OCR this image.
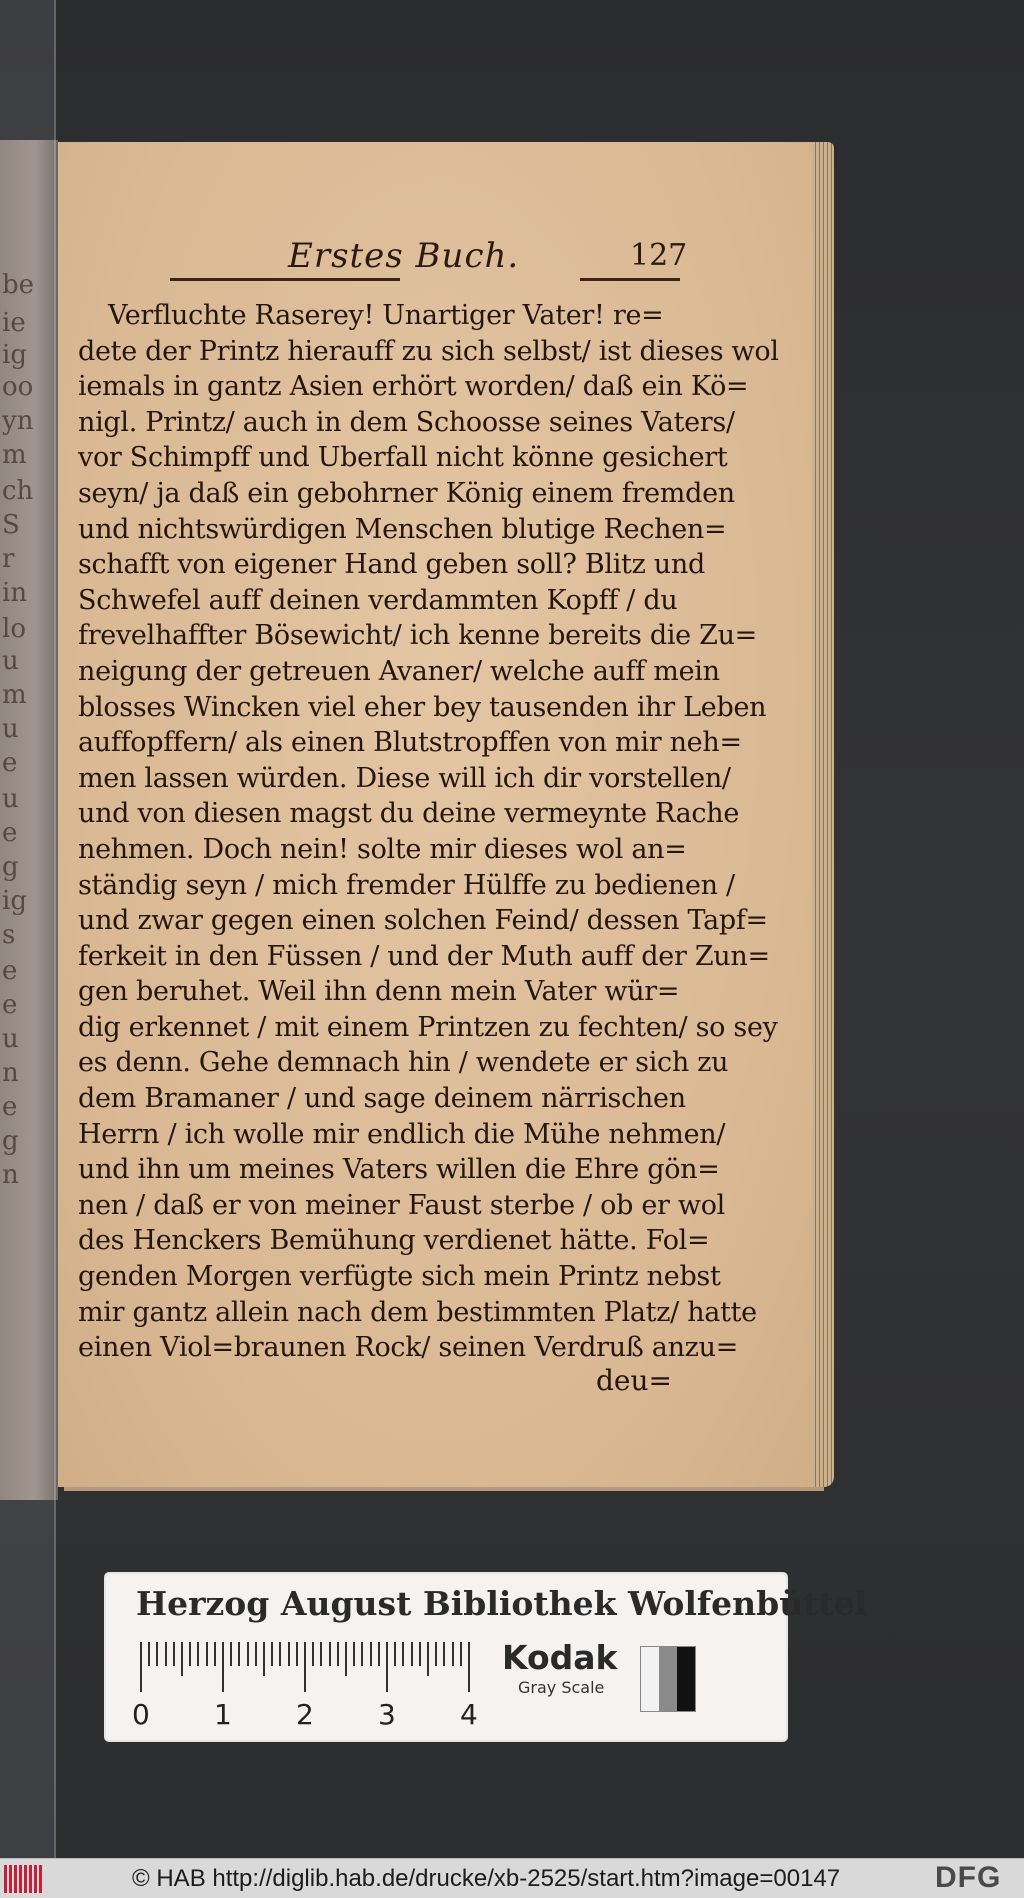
be
ie
ig
oo
yn
m
ch
S
r
in
lo
u
m
u
e
u
e
g
ig
s
e
e
u
n
e
g
n
Erstes Buch.	127
Verfluchte Raserey! Unartiger Vater! re=
dete der Printz hierauff zu sich selbst/ ist dieses wol
iemals in gantz Asien erhört worden/ daß ein Kö=
nigl. Printz/ auch in dem Schoosse seines Vaters/
vor Schimpff und Uberfall nicht könne gesichert
seyn/ ja daß ein gebohrner König einem fremden
und nichtswürdigen Menschen blutige Rechen=
schafft von eigener Hand geben soll? Blitz und
Schwefel auff deinen verdammten Kopff / du
frevelhaffter Bösewicht/ ich kenne bereits die Zu=
neigung der getreuen Avaner/ welche auff mein
blosses Wincken viel eher bey tausenden ihr Leben
auffopffern/ als einen Blutstropffen von mir neh=
men lassen würden. Diese will ich dir vorstellen/
und von diesen magst du deine vermeynte Rache
nehmen. Doch nein! solte mir dieses wol an=
ständig seyn / mich fremder Hülffe zu bedienen /
und zwar gegen einen solchen Feind/ dessen Tapf=
ferkeit in den Füssen / und der Muth auff der Zun=
gen beruhet. Weil ihn denn mein Vater wür=
dig erkennet / mit einem Printzen zu fechten/ so sey
es denn. Gehe demnach hin / wendete er sich zu
dem Bramaner / und sage deinem närrischen
Herrn / ich wolle mir endlich die Mühe nehmen/
und ihn um meines Vaters willen die Ehre gön=
nen / daß er von meiner Faust sterbe / ob er wol
des Henckers Bemühung verdienet hätte. Fol=
genden Morgen verfügte sich mein Printz nebst
mir gantz allein nach dem bestimmten Platz/ hatte
einen Viol=braunen Rock/ seinen Verdruß anzu=
deu=
Herzog August Bibliothek Wolfenbüttel
0 1 2 3 4
Kodak
Gray Scale
© HAB http://diglib.hab.de/drucke/xb-2525/start.htm?image=00147	DFG
